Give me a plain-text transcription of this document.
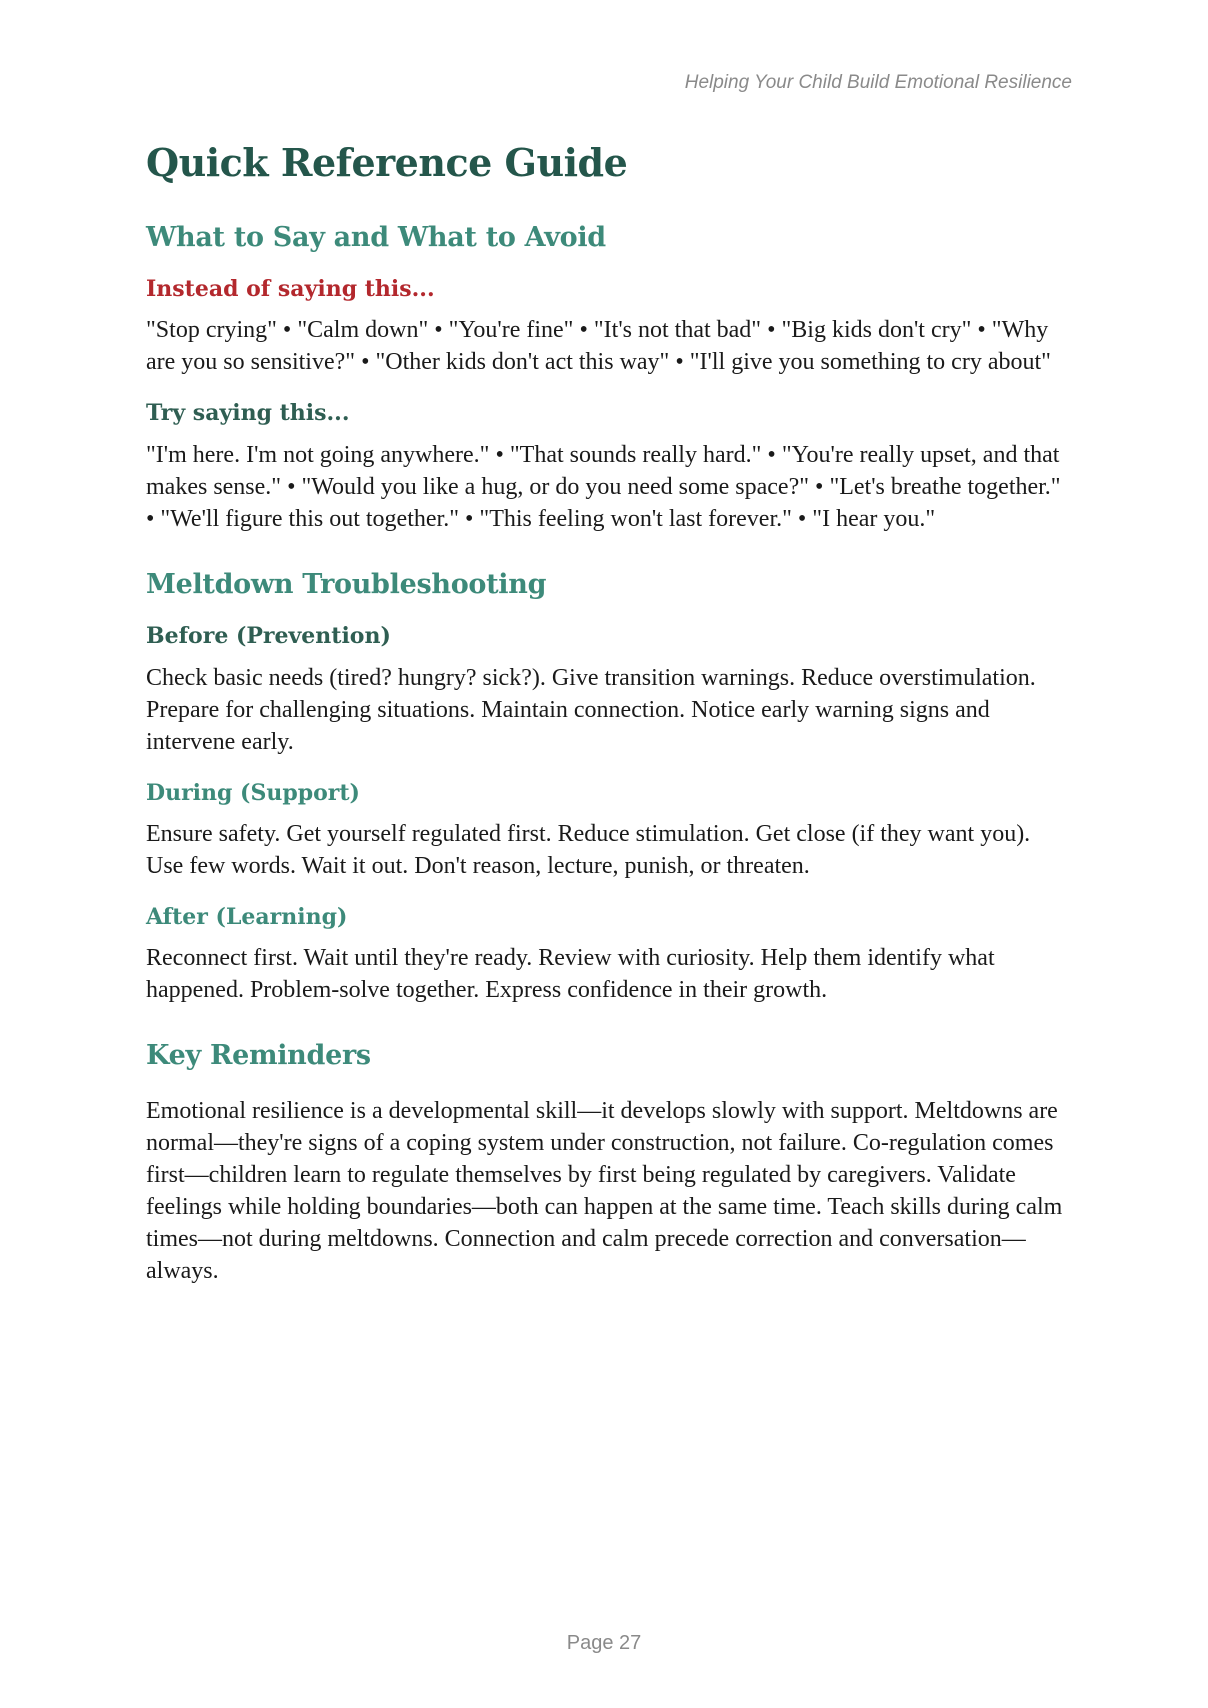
Helping Your Child Build Emotional Resilience
Quick Reference Guide
What to Say and What to Avoid
Instead of saying this...

"Stop crying" • "Calm down" • "You're fine" • "It's not that bad" • "Big kids don't cry" • "Why are you so sensitive?" • "Other kids don't act this way" • "I'll give you something to cry about"

Try saying this...

"I'm here. I'm not going anywhere." • "That sounds really hard." • "You're really upset, and that makes sense." • "Would you like a hug, or do you need some space?" • "Let's breathe together." • "We'll figure this out together." • "This feeling won't last forever." • "I hear you."

Meltdown Troubleshooting
Before (Prevention)

Check basic needs (tired? hungry? sick?). Give transition warnings. Reduce overstimulation. Prepare for challenging situations. Maintain connection. Notice early warning signs and intervene early.

During (Support)

Ensure safety. Get yourself regulated first. Reduce stimulation. Get close (if they want you). Use few words. Wait it out. Don't reason, lecture, punish, or threaten.

After (Learning)

Reconnect first. Wait until they're ready. Review with curiosity. Help them identify what happened. Problem-solve together. Express confidence in their growth.

Key Reminders

Emotional resilience is a developmental skill—it develops slowly with support. Meltdowns are normal—they're signs of a coping system under construction, not failure. Co-regulation comes first—children learn to regulate themselves by first being regulated by caregivers. Validate feelings while holding boundaries—both can happen at the same time. Teach skills during calm times—not during meltdowns. Connection and calm precede correction and conversation—always.

Page 27
